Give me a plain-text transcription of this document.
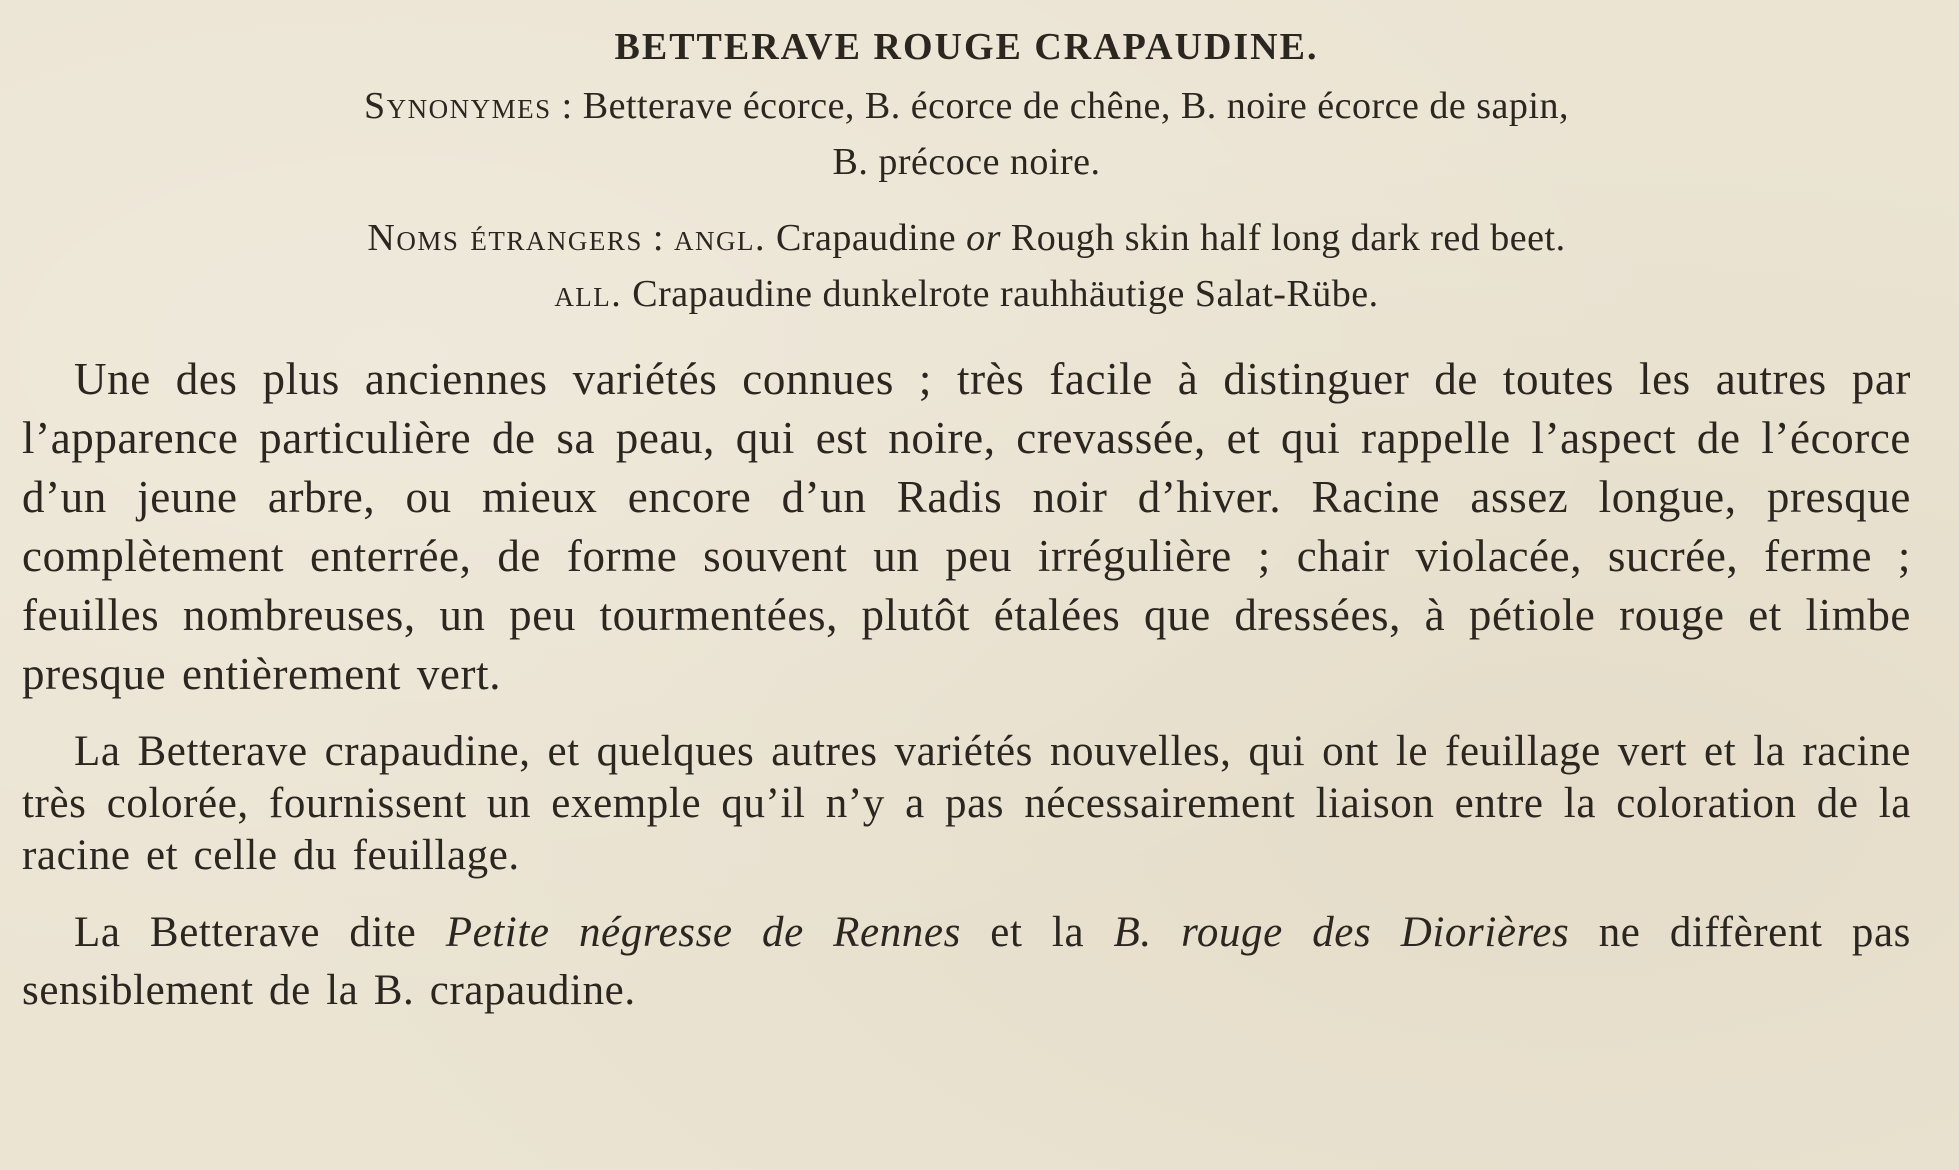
BETTERAVE ROUGE CRAPAUDINE.
Synonymes : Betterave écorce, B. écorce de chêne, B. noire écorce de sapin,
B. précoce noire.
Noms étrangers : angl. Crapaudine or Rough skin half long dark red beet.
all. Crapaudine dunkelrote rauhhäutige Salat-Rübe.

Une des plus anciennes variétés connues ; très facile à distinguer de toutes les autres par l’apparence particulière de sa peau, qui est noire, crevassée, et qui rappelle l’aspect de l’écorce d’un jeune arbre, ou mieux encore d’un Radis noir d’hiver. Racine assez longue, presque complètement enterrée, de forme souvent un peu irrégulière ; chair violacée, sucrée, ferme ; feuilles nombreuses, un peu tourmentées, plutôt étalées que dressées, à pétiole rouge et limbe presque entièrement vert.

La Betterave crapaudine, et quelques autres variétés nouvelles, qui ont le feuillage vert et la racine très colorée, fournissent un exemple qu’il n’y a pas nécessairement liaison entre la coloration de la racine et celle du feuillage.

La Betterave dite Petite négresse de Rennes et la B. rouge des Diorières ne diffèrent pas sensiblement de la B. crapaudine.
